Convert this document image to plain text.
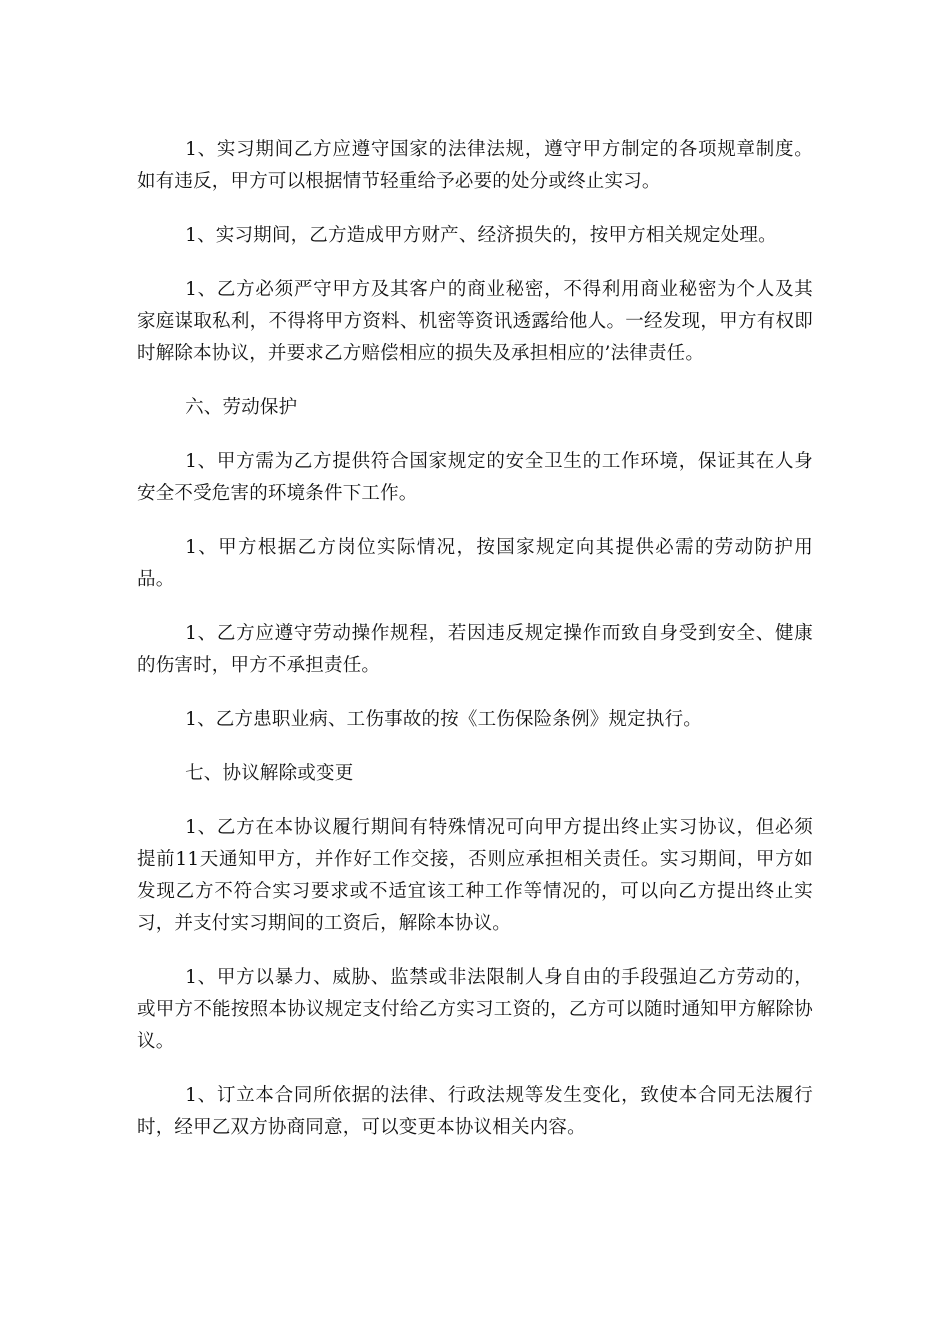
1、实习期间乙方应遵守国家的法律法规，遵守甲方制定的各项规章制度。如有违反，甲方可以根据情节轻重给予必要的处分或终止实习。

1、实习期间，乙方造成甲方财产、经济损失的，按甲方相关规定处理。

1、乙方必须严守甲方及其客户的商业秘密，不得利用商业秘密为个人及其家庭谋取私利，不得将甲方资料、机密等资讯透露给他人。一经发现，甲方有权即时解除本协议，并要求乙方赔偿相应的损失及承担相应的’法律责任。

六、劳动保护

1、甲方需为乙方提供符合国家规定的安全卫生的工作环境，保证其在人身安全不受危害的环境条件下工作。

1、甲方根据乙方岗位实际情况，按国家规定向其提供必需的劳动防护用品。

1、乙方应遵守劳动操作规程，若因违反规定操作而致自身受到安全、健康的伤害时，甲方不承担责任。

1、乙方患职业病、工伤事故的按《工伤保险条例》规定执行。

七、协议解除或变更

1、乙方在本协议履行期间有特殊情况可向甲方提出终止实习协议，但必须提前11天通知甲方，并作好工作交接，否则应承担相关责任。实习期间，甲方如发现乙方不符合实习要求或不适宜该工种工作等情况的，可以向乙方提出终止实习，并支付实习期间的工资后，解除本协议。

1、甲方以暴力、威胁、监禁或非法限制人身自由的手段强迫乙方劳动的，或甲方不能按照本协议规定支付给乙方实习工资的，乙方可以随时通知甲方解除协议。

1、订立本合同所依据的法律、行政法规等发生变化，致使本合同无法履行时，经甲乙双方协商同意，可以变更本协议相关内容。
